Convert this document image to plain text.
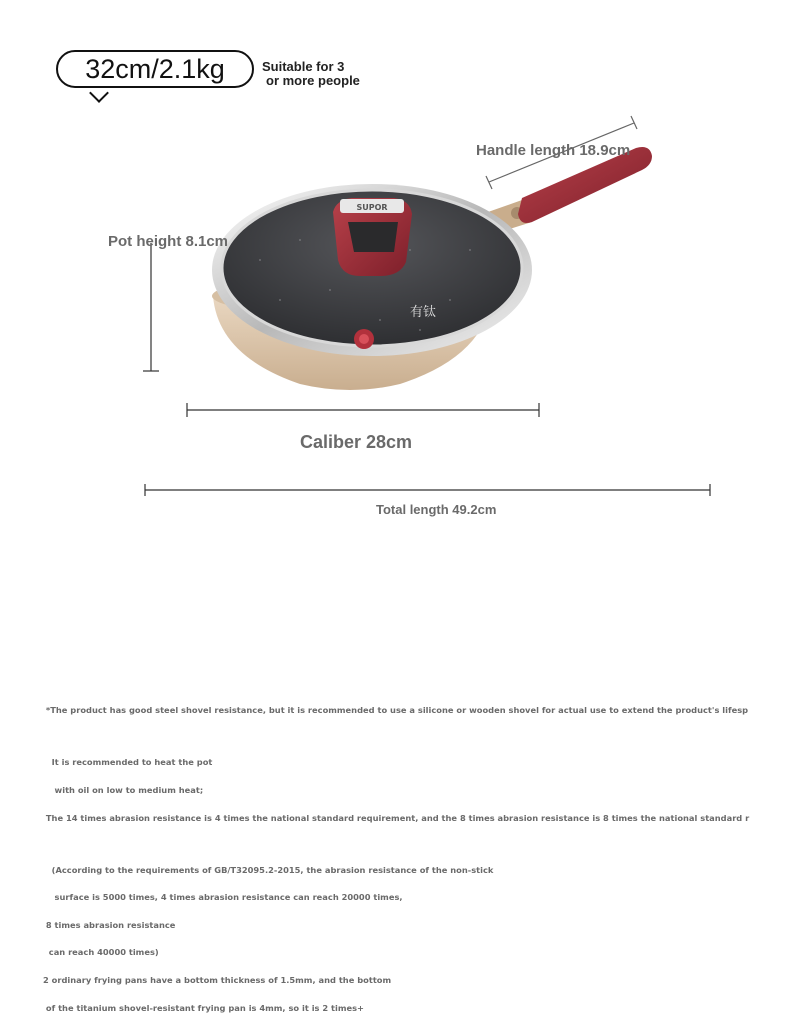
32cm/2.1kg	Suitable for 3
or more people
有钛
SUPOR
Handle length 18.9cm
Pot height 8.1cm
Caliber 28cm
Total length 49.2cm

*The product has good steel shovel resistance, but it is recommended to use a silicone or wooden shovel for actual use to extend the product's lifesp

It is recommended to heat the pot

with oil on low to medium heat;

The 14 times abrasion resistance is 4 times the national standard requirement, and the 8 times abrasion resistance is 8 times the national standard r

(According to the requirements of GB/T32095.2-2015, the abrasion resistance of the non-stick

surface is 5000 times, 4 times abrasion resistance can reach 20000 times,

8 times abrasion resistance

can reach 40000 times)

2 ordinary frying pans have a bottom thickness of 1.5mm, and the bottom

of the titanium shovel-resistant frying pan is 4mm, so it is 2 times+
